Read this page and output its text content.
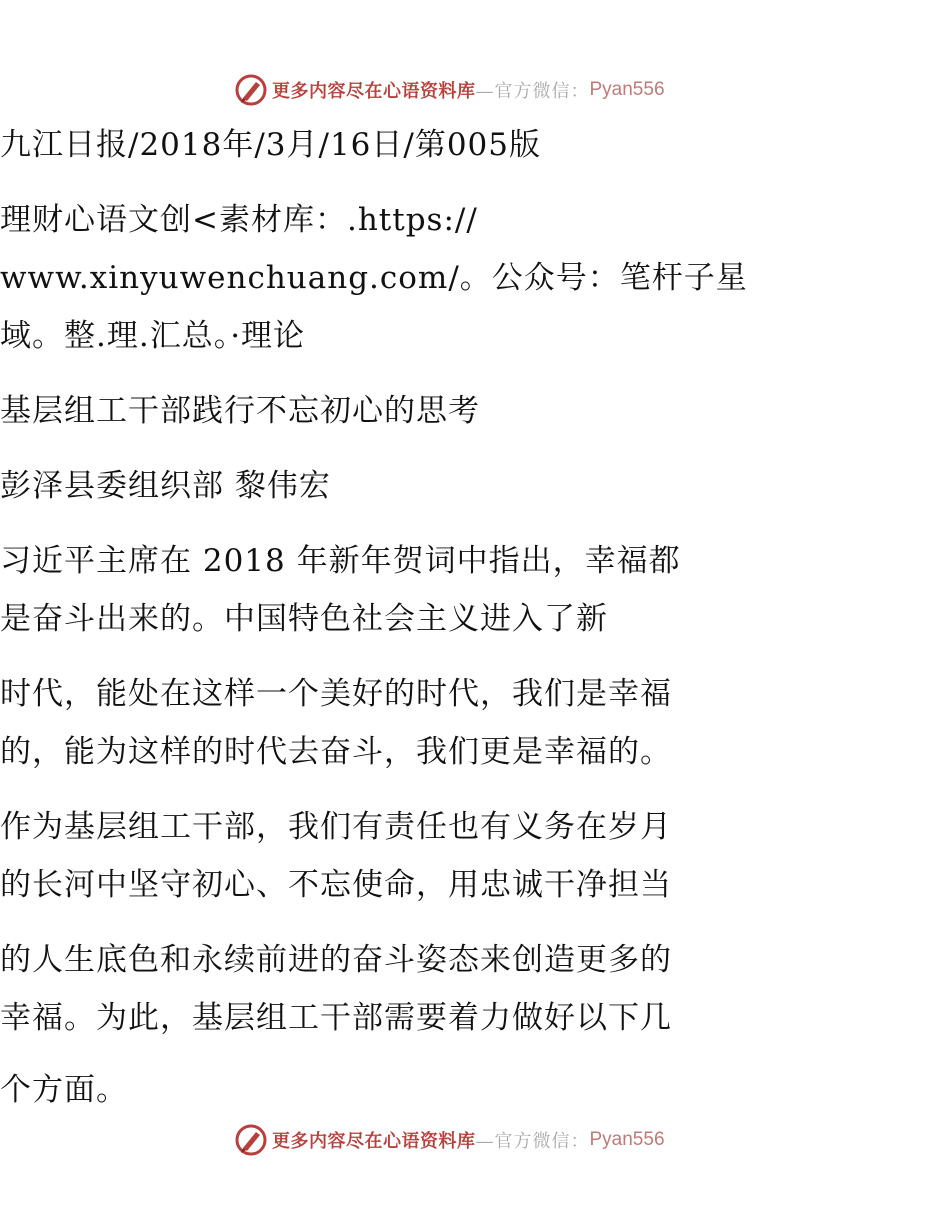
更多内容尽在心语资料库 —官方微信： Pyan556
九江日报/2018年/3月/16日/第005版
理财心语文创<素材库：.https://
www.xinyuwenchuang.com/。公众号：笔杆子星
域。整.理.汇总。·理论
基层组工干部践行不忘初心的思考
彭泽县委组织部 黎伟宏
习近平主席在 2018 年新年贺词中指出，幸福都
是奋斗出来的。中国特色社会主义进入了新
时代，能处在这样一个美好的时代，我们是幸福
的，能为这样的时代去奋斗，我们更是幸福的。
作为基层组工干部，我们有责任也有义务在岁月
的长河中坚守初心、不忘使命，用忠诚干净担当
的人生底色和永续前进的奋斗姿态来创造更多的
幸福。为此，基层组工干部需要着力做好以下几
个方面。
更多内容尽在心语资料库 —官方微信： Pyan556
